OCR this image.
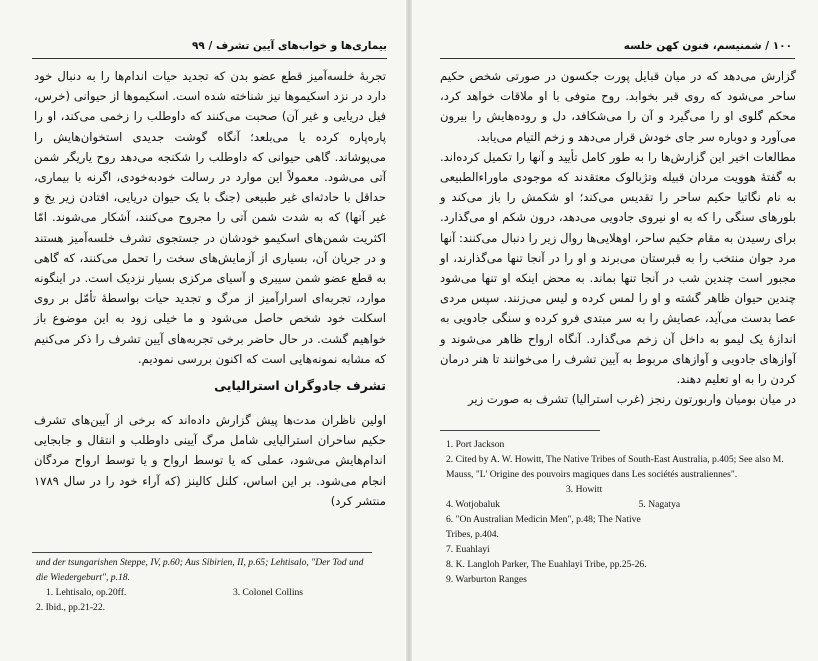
بیماری‌ها و خواب‌های آیین تشرف / ۹۹

تجربهٔ خلسه‌آمیز قطع عضو بدن که تجدید حیات اندام‌ها را به دنبال خود دارد در نزد اسکیموها نیز شناخته شده است. اسکیموها از حیوانی (خرس، فیل دریایی و غیر آن) صحبت می‌کنند که داوطلب را زخمی می‌کند، او را پاره‌پاره کرده یا می‌بلعد؛ آنگاه گوشت جدیدی استخوان‌هایش را می‌پوشاند. گاهی حیوانی که داوطلب را شکنجه می‌دهد روح یاریگر شمن آتی می‌شود. معمولاً این موارد در رسالت خودبه‌خودی، اگرنه با بیماری، حداقل با حادثه‌ای غیر طبیعی (جنگ با یک حیوان دریایی، افتادن زیر یخ و غیر آنها) که به شدت شمن آتی را مجروح می‌کنند، آشکار می‌شوند. امّا اکثریت شمن‌های اسکیمو خودشان در جستجوی تشرف خلسه‌آمیز هستند و در جریان آن، بسیاری از آزمایش‌های سخت را تحمل می‌کنند، که گاهی به قطع عضو شمن سیبری و آسیای مرکزی بسیار نزدیک است. در اینگونه موارد، تجربه‌ای اسرارآمیز از مرگ و تجدید حیات بواسطهٔ تأمّل بر روی اسکلت خود شخص حاصل می‌شود و ما خیلی زود به این موضوع باز خواهیم گشت. در حال حاضر برخی تجربه‌های آیین تشرف را ذکر می‌کنیم که مشابه نمونه‌هایی است که اکنون بررسی نمودیم.

تشرف جادوگران استرالیایی

اولین ناظران مدت‌ها پیش گزارش داده‌اند که برخی از آیین‌های تشرف حکیم ساحران استرالیایی شامل مرگ آیینی داوطلب و انتقال و جابجایی اندام‌هایش می‌شود، عملی که یا توسط ارواح و یا توسط ارواح مردگان انجام می‌شود. بر این اساس، کلنل کالینز (که آراء خود را در سال ۱۷۸۹ منتشر کرد)

und der tsungarishen Steppe, IV, p.60; Aus Sibirien, II, p.65; Lehtisalo, "Der Tod und die Wiedergeburt", p.18.
1. Lehtisalo, op.20ff.	3. Colonel Collins
2. Ibid., pp.21-22.
۱۰۰ / شمنیسم، فنون کهن خلسه

گزارش می‌دهد که در میان قبایل پورت جکسون در صورتی شخص حکیم ساحر می‌شود که روی قبر بخوابد. روح متوفی با او ملاقات خواهد کرد، محکم گلوی او را می‌گیرد و آن را می‌شکافد، دل و روده‌هایش را بیرون می‌آورد و دوباره سر جای خودش قرار می‌دهد و زخم التیام می‌یابد.

مطالعات اخیر این گزارش‌ها را به طور کامل تأیید و آنها را تکمیل کرده‌اند. به گفتهٔ هوویت مردان قبیله وتژبالوک معتقدند که موجودی ماوراءالطبیعی به نام نگاتیا حکیم ساحر را تقدیس می‌کند؛ او شکمش را باز می‌کند و بلورهای سنگی را که به او نیروی جادویی می‌دهد، درون شکم او می‌گذارد. برای رسیدن به مقام حکیم ساحر، اوهلایی‌ها روال زیر را دنبال می‌کنند: آنها مرد جوان منتخب را به قبرستان می‌برند و او را در آنجا تنها می‌گذارند، او مجبور است چندین شب در آنجا تنها بماند. به محض اینکه او تنها می‌شود چندین حیوان ظاهر گشته و او را لمس کرده و لیس می‌زنند. سپس مردی عصا بدست می‌آید، عصایش را به سر مبتدی فرو کرده و سنگی جادویی به اندازهٔ یک لیمو به داخل آن زخم می‌گذارد. آنگاه ارواح ظاهر می‌شوند و آوازهای جادویی و آوازهای مربوط به آیین تشرف را می‌خوانند تا هنر درمان کردن را به او تعلیم دهند.

در میان بومیان واربورتون رنجز (غرب استرالیا) تشرف به صورت زیر

1. Port Jackson
2. Cited by A. W. Howitt, The Native Tribes of South-East Australia, p.405; See also M. Mauss, "L' Origine des pouvoirs magiques dans Les sociétés australiennes". 3. Howitt
4. Wotjobaluk	5. Nagatya
6. "On Australian Medicin Men", p.48; The Native Tribes, p.404.
7. Euahlayi
8. K. Langloh Parker, The Euahlayi Tribe, pp.25-26.
9. Warburton Ranges
